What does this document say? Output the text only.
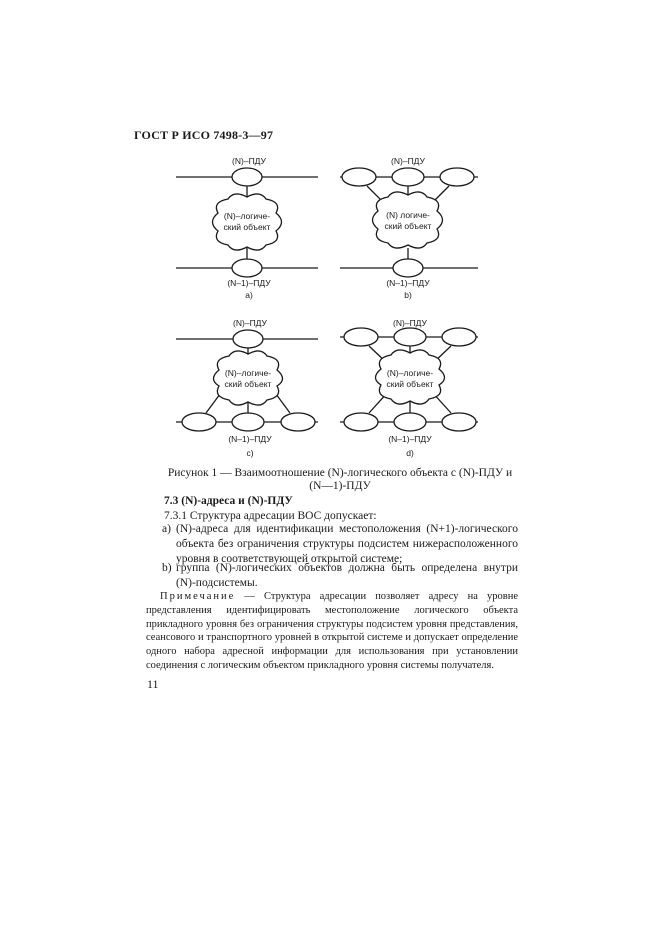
ГОСТ Р ИСО 7498-3—97
(N)–ПДУ
(N)–логиче-
ский объект
(N–1)–ПДУ
a)
(N)–ПДУ
(N) логиче-
ский объект
(N–1)–ПДУ
b)
(N)–ПДУ
(N)–логиче-
ский объект
(N–1)–ПДУ
c)
(N)–ПДУ
(N)–логиче-
ский объект
(N–1)–ПДУ
d)
Рисунок 1 — Взаимоотношение (N)-логического объекта с (N)-ПДУ и
(N—1)-ПДУ
7.3 (N)-адреса и (N)-ПДУ
7.3.1 Структура адресации ВОС допускает:
a) (N)-адреса для идентификации местоположения (N+1)-логического объекта без ограничения структуры подсистем нижерасположенного уровня в соответствующей открытой системе;
b) группа (N)-логических объектов должна быть определена внутри (N)-подсистемы.
Примечание — Структура адресации позволяет адресу на уровне представления идентифицировать местоположение логического объекта прикладного уровня без ограничения структуры подсистем уровня представления, сеансового и транспортного уровней в открытой системе и допускает определение одного набора адресной информации для использования при установлении соединения с логическим объектом прикладного уровня системы получателя.
11
